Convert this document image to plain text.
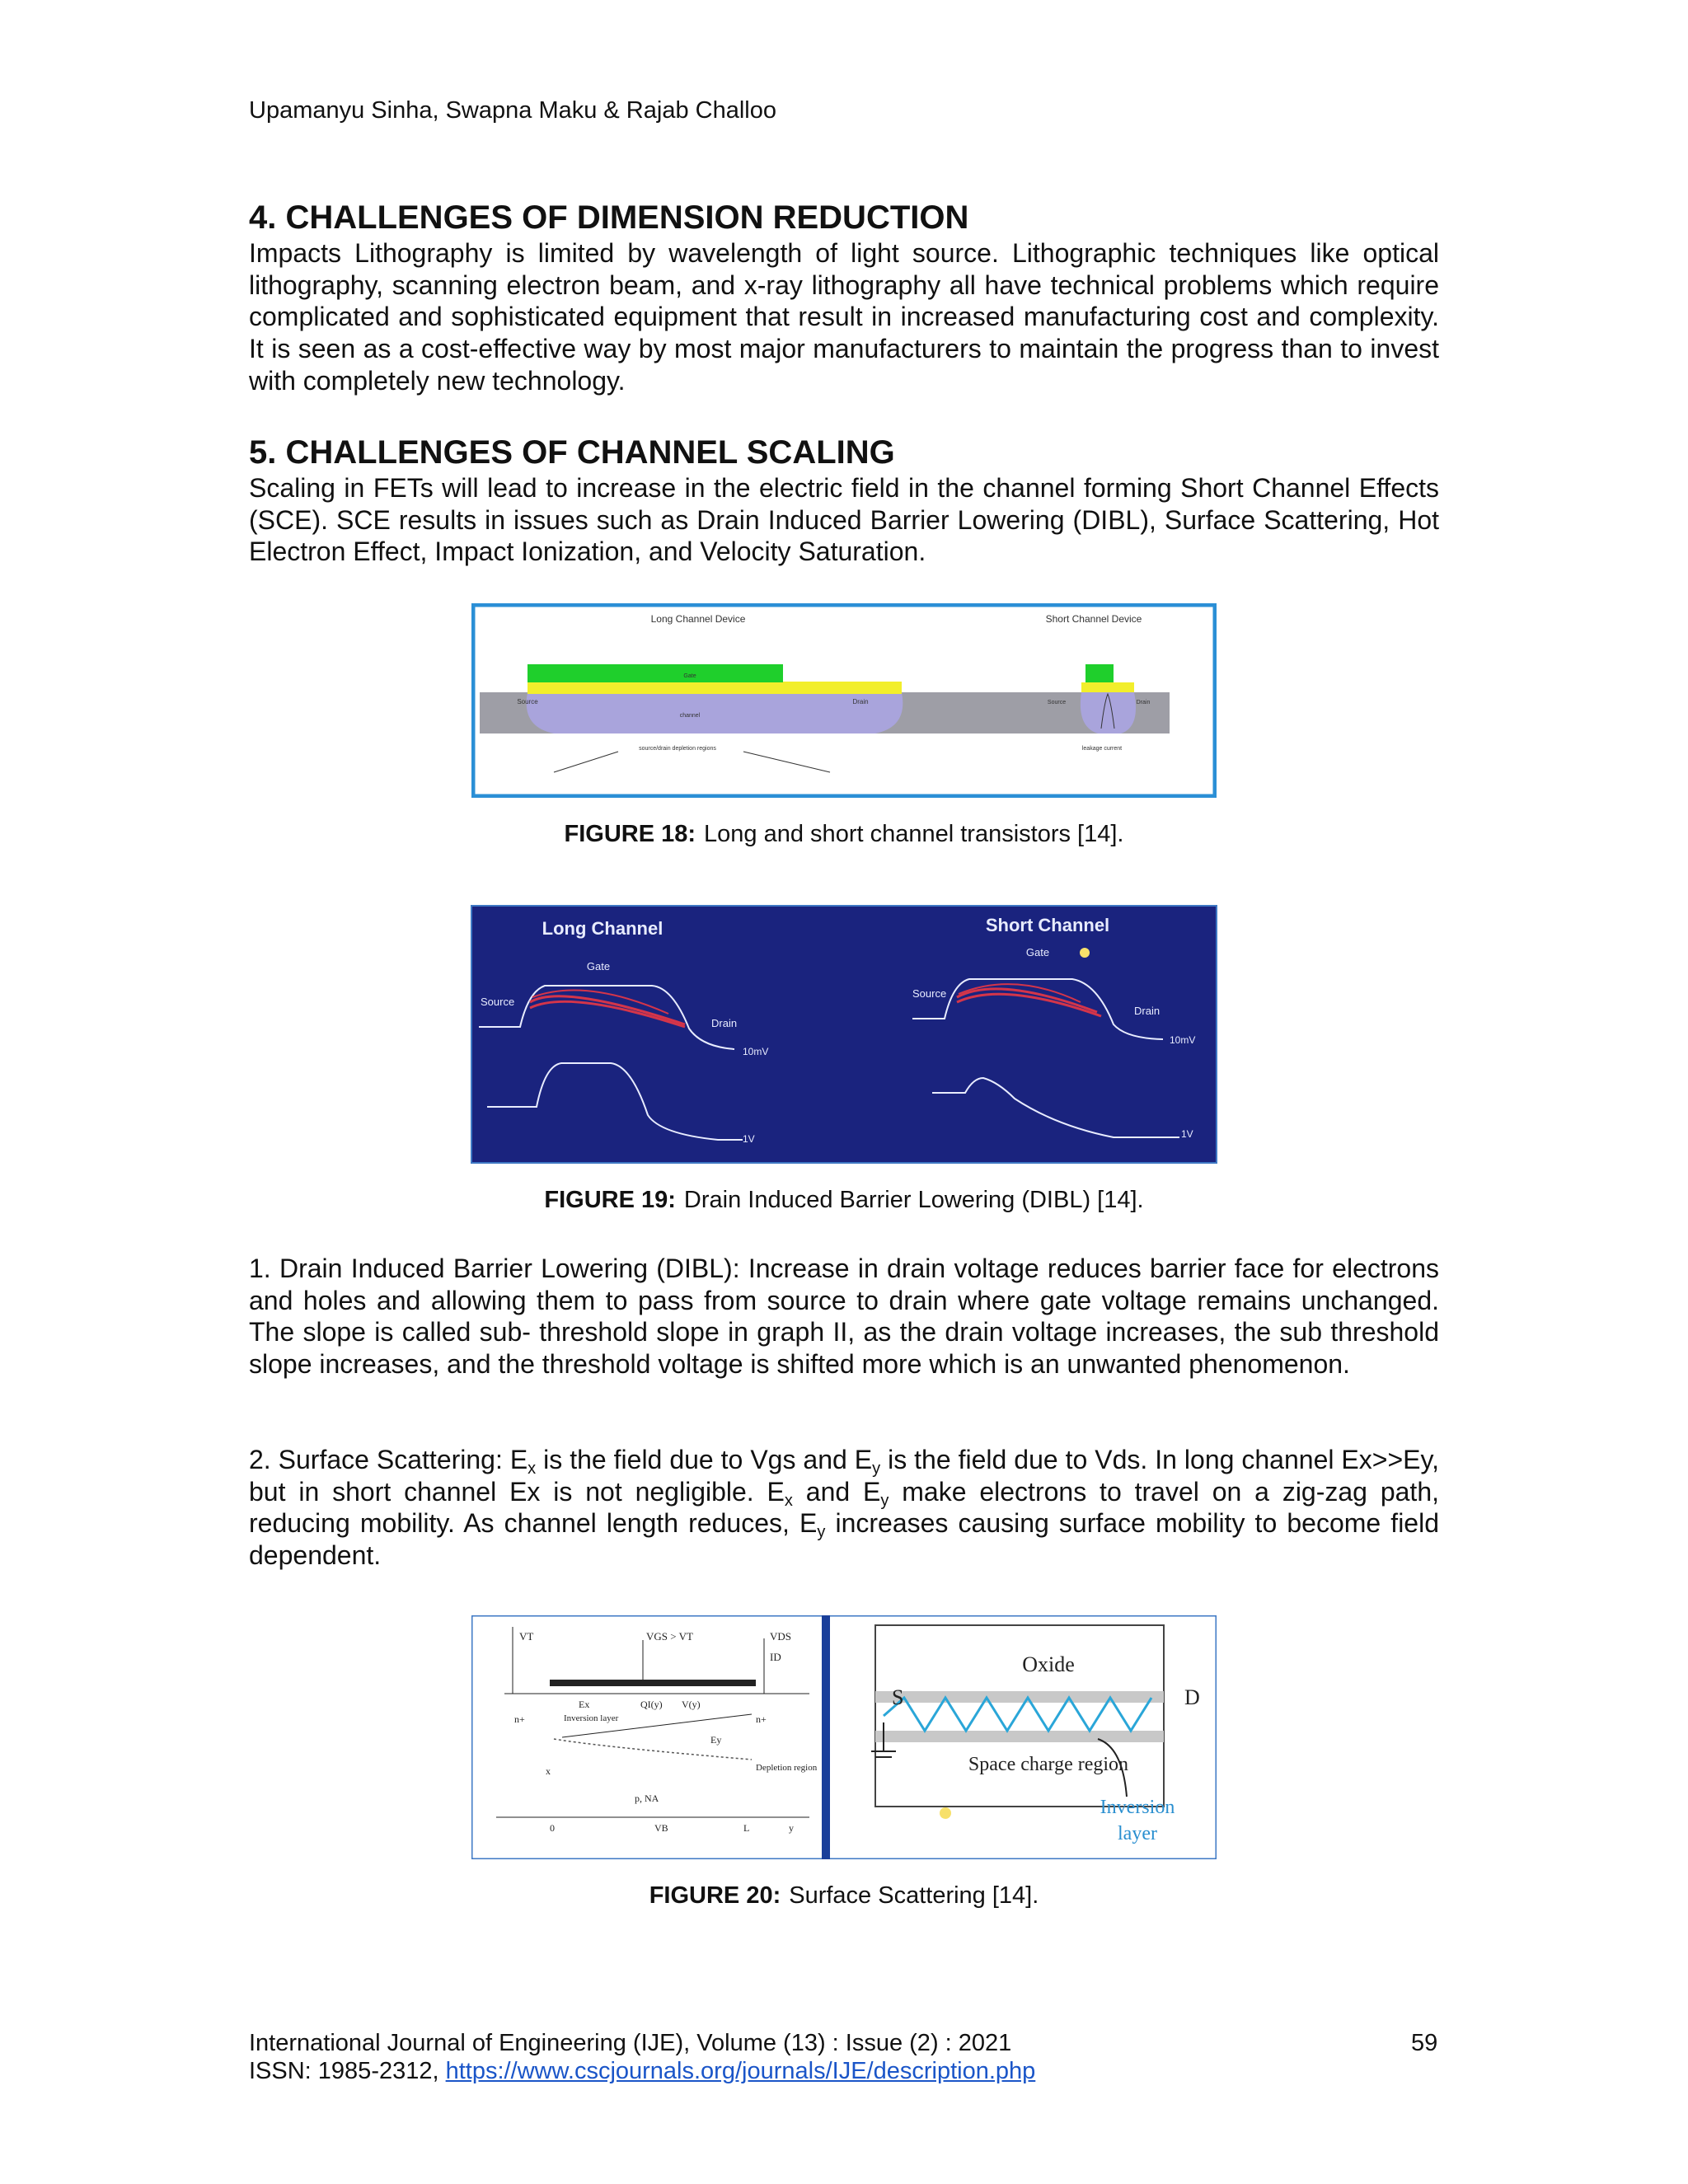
Upamanyu Sinha, Swapna Maku & Rajab Challoo
4. CHALLENGES OF DIMENSION REDUCTION

Impacts Lithography is limited by wavelength of light source. Lithographic techniques like optical lithography, scanning electron beam, and x-ray lithography all have technical problems which require complicated and sophisticated equipment that result in increased manufacturing cost and complexity. It is seen as a cost-effective way by most major manufacturers to maintain the progress than to invest with completely new technology.

5. CHALLENGES OF CHANNEL SCALING

Scaling in FETs will lead to increase in the electric field in the channel forming Short Channel Effects (SCE). SCE results in issues such as Drain Induced Barrier Lowering (DIBL), Surface Scattering, Hot Electron Effect, Impact Ionization, and Velocity Saturation.

Long Channel Device	Short Channel Device
Gate
Source	Drain
channel
source/drain depletion regions
Source	Drain
leakage current
FIGURE 18: Long and short channel transistors [14].
Long Channel	Short Channel
Gate
Gate
Source
Source
Drain
Drain
10mV
10mV
1V	1V
FIGURE 19: Drain Induced Barrier Lowering (DIBL) [14].

1. Drain Induced Barrier Lowering (DIBL): Increase in drain voltage reduces barrier face for electrons and holes and allowing them to pass from source to drain where gate voltage remains unchanged. The slope is called sub- threshold slope in graph II, as the drain voltage increases, the sub threshold slope increases, and the threshold voltage is shifted more which is an unwanted phenomenon.

2. Surface Scattering: $E_x$ is the field due to Vgs and $E_y$ is the field due to Vds. In long channel Ex>>Ey, but in short channel Ex is not negligible. $E_x$ and $E_y$ make electrons to travel on a zig-zag path, reducing mobility. As channel length reduces, $E_y$ increases causing surface mobility to become field dependent.

VT	VGS > VT	VDS
ID
Ex	QI(y) V(y)
Inversion layer
n+	n+
Ey
Depletion region
x
p, NA
0	VB	L	y
Oxide
S	D
Space charge region
Inversion
layer
FIGURE 20: Surface Scattering [14].
International Journal of Engineering (IJE), Volume (13) : Issue (2) : 2021	59
ISSN: 1985-2312, https://www.cscjournals.org/journals/IJE/description.php
